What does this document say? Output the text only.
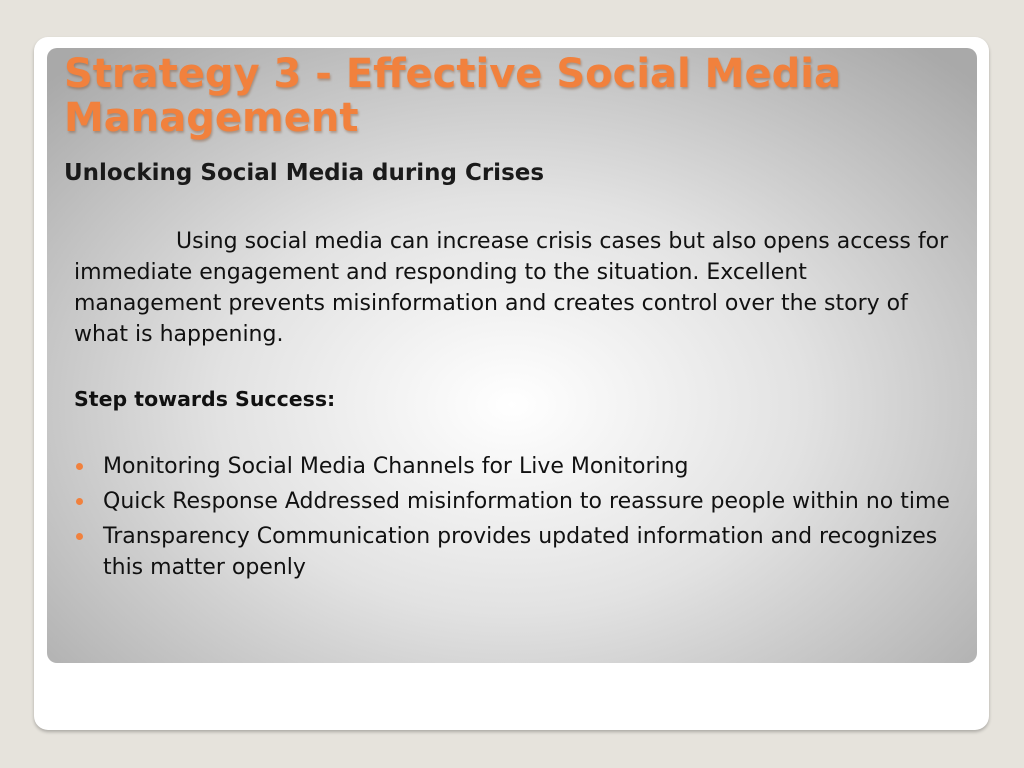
Strategy 3 - Effective Social Media Management
Unlocking Social Media during Crises

Using social media can increase crisis cases but also opens access for immediate engagement and responding to the situation. Excellent management prevents misinformation and creates control over the story of what is happening.

Step towards Success:

Monitoring Social Media Channels for Live Monitoring
Quick Response Addressed misinformation to reassure people within no time
Transparency Communication provides updated information and recognizes this matter openly
